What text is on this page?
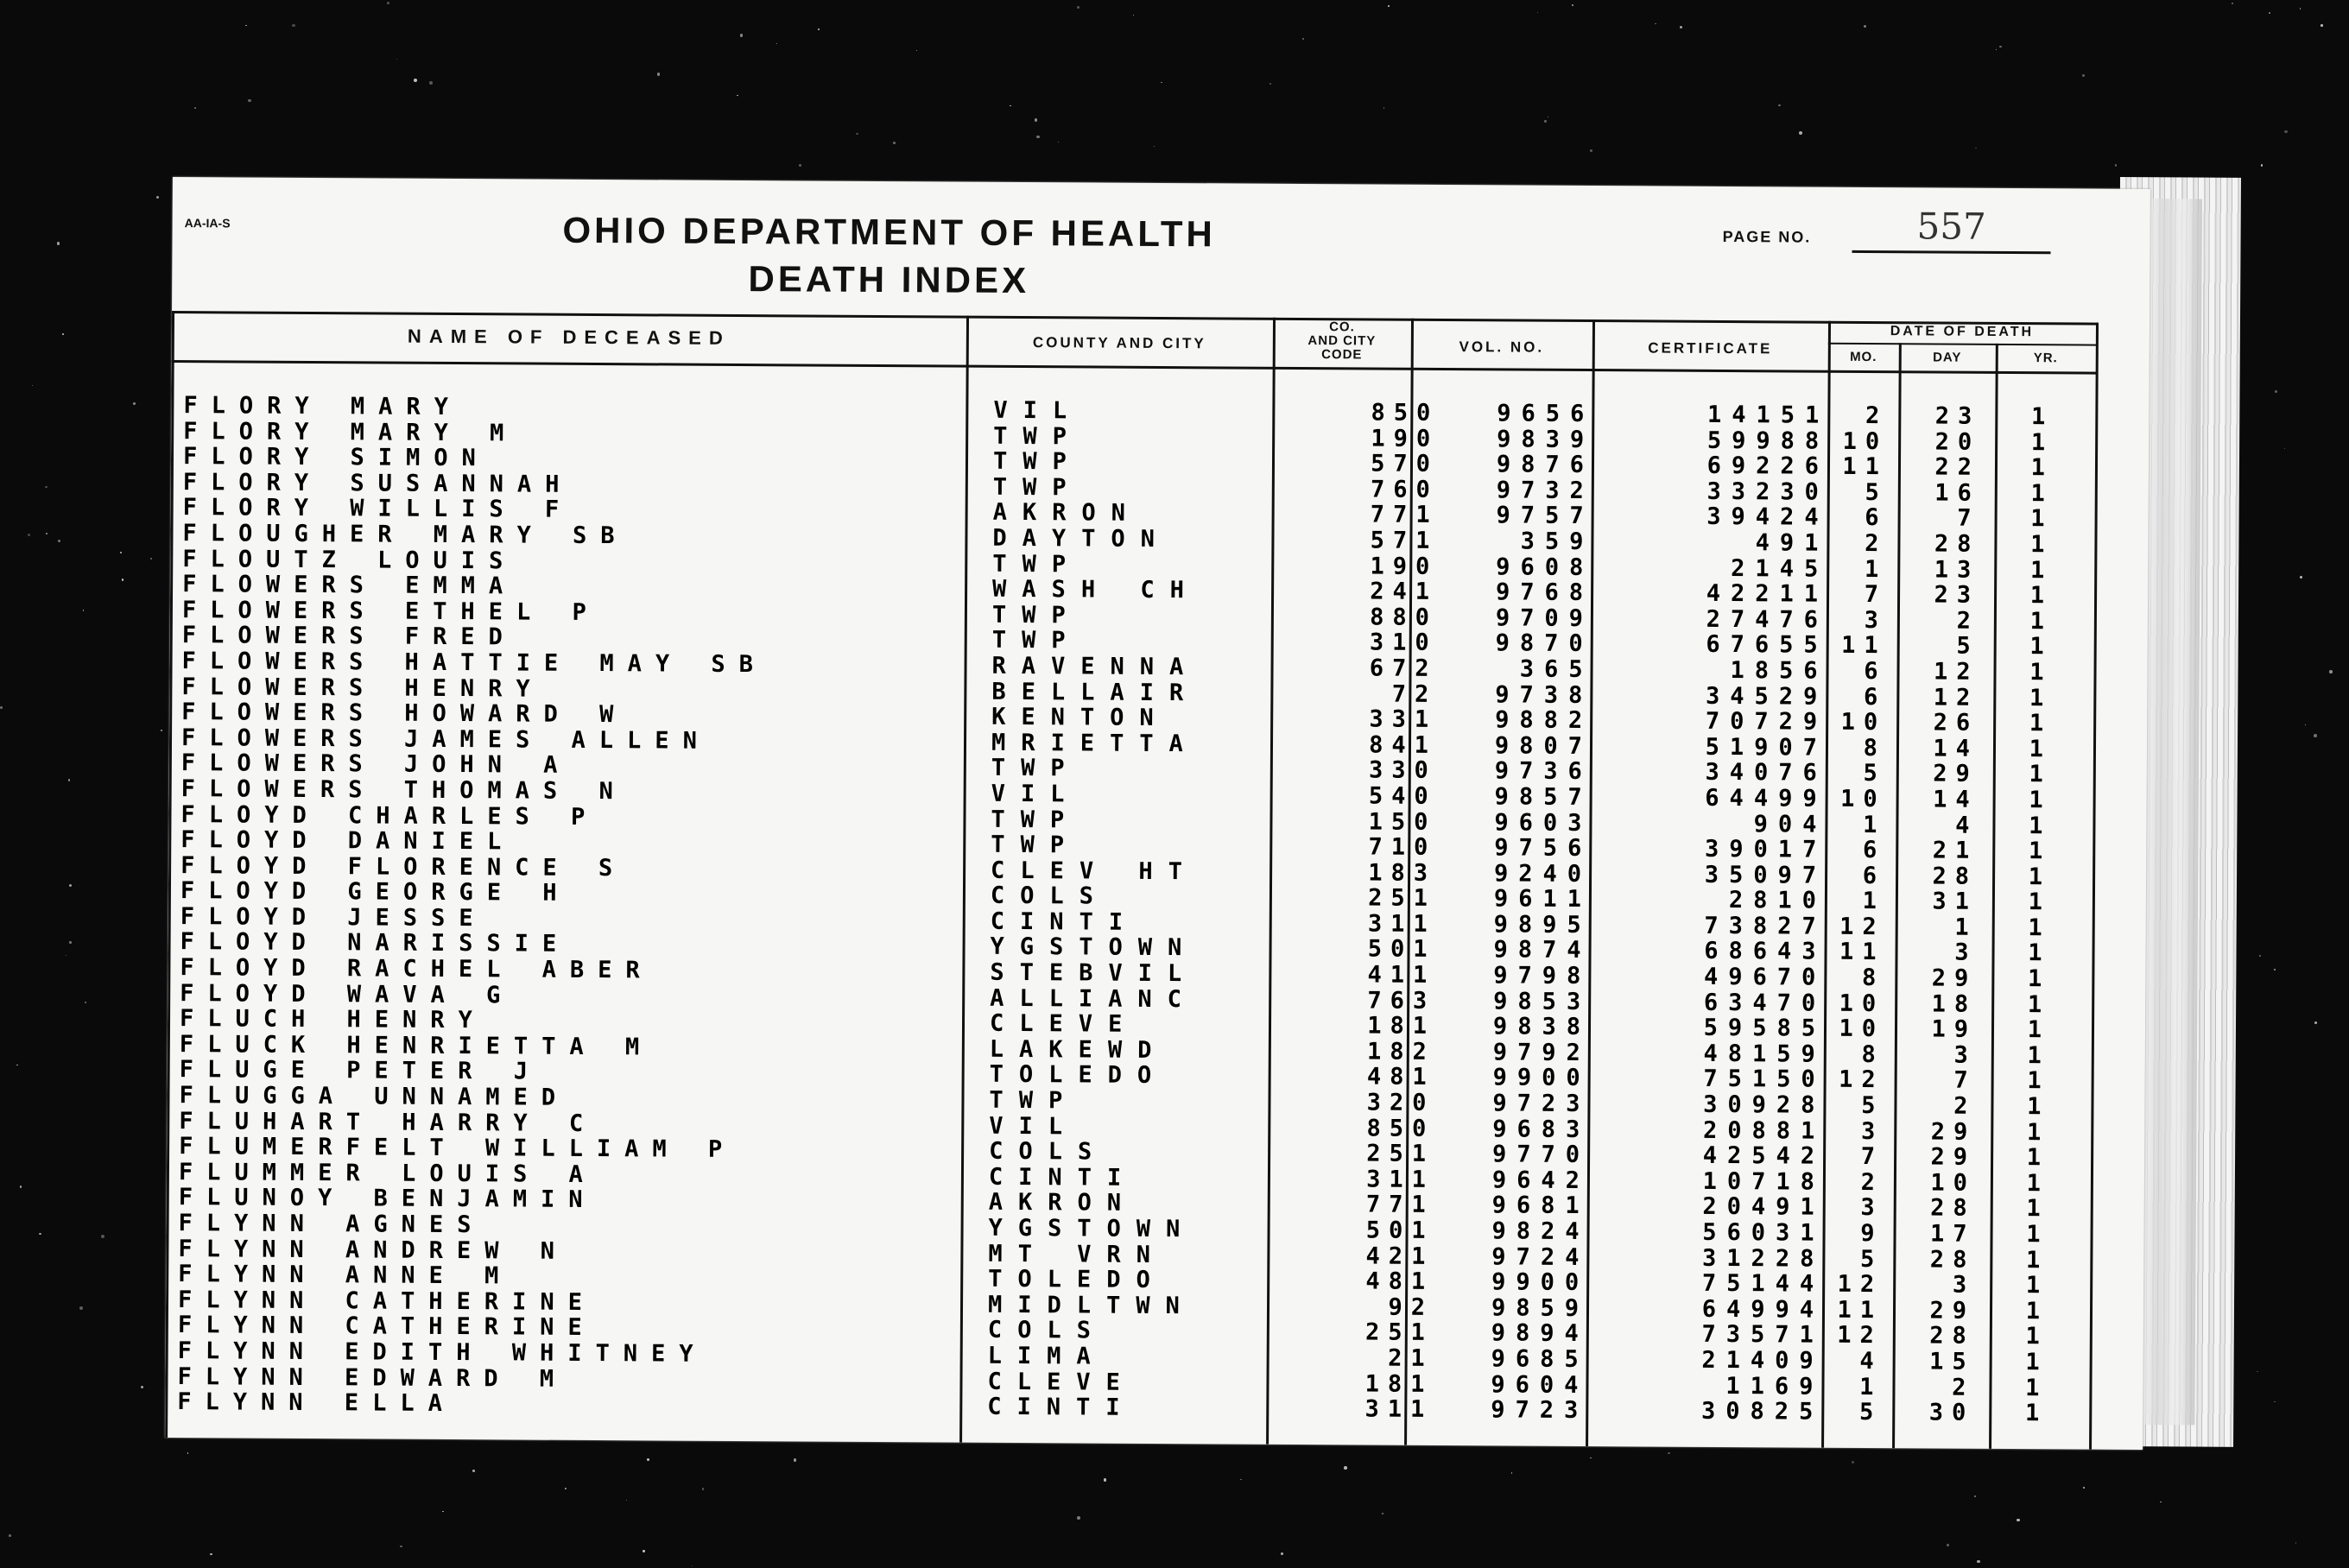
AA-IA-S	OHIO DEPARTMENT OF HEALTH
DEATH INDEX
PAGE NO.	557
NAME OF DECEASED	COUNTY AND CITY
CO.
AND CITY
CODE	VOL. NO.	CERTIFICATE
DATE OF DEATH
MO.	DAY	YR.
FLORY MARY	VIL	850	9656	14151	2	23	1
FLORY MARY M	TWP	190	9839	59988 10	20	1
FLORY SIMON	TWP	570	9876	69226 11	22	1
FLORY SUSANNAH	TWP	760	9732	33230	5	16	1
FLORY WILLIS F	AKRON	771	9757	39424	6	7	1
FLOUGHER MARY SB	DAYTON	571	359	491	2	28	1
FLOUTZ LOUIS	TWP	190	9608	2145	1	13	1
FLOWERS EMMA	WASH CH	241	9768	42211	7	23	1
FLOWERS ETHEL P	TWP	880	9709	27476	3	2	1
FLOWERS FRED	TWP	310	9870	67655 11	5	1
FLOWERS HATTIE MAY SB	RAVENNA	672	365	1856	6	12	1
FLOWERS HENRY	BELLAIR	72	9738	34529	6	12	1
FLOWERS HOWARD W	KENTON	331	9882	70729 10	26	1
FLOWERS JAMES ALLEN	MRIETTA	841	9807	51907	8	14	1
FLOWERS JOHN A	TWP	330	9736	34076	5	29	1
FLOWERS THOMAS N	VIL	540	9857	64499 10	14	1
FLOYD CHARLES P	TWP	150	9603	904	1	4	1
FLOYD DANIEL	TWP	710	9756	39017	6	21	1
FLOYD FLORENCE S	CLEV HT	183	9240	35097	6	28	1
FLOYD GEORGE H	COLS	251	9611	2810	1	31	1
FLOYD JESSE	CINTI	311	9895	73827 12	1	1
FLOYD NARISSIE	YGSTOWN	501	9874	68643 11	3	1
FLOYD RACHEL ABER	STEBVIL	411	9798	49670	8	29	1
FLOYD WAVA G	ALLIANC	763	9853	63470 10	18	1
FLUCH HENRY	CLEVE	181	9838	59585 10	19	1
FLUCK HENRIETTA M	LAKEWD	182	9792	48159	8	3	1
FLUGE PETER J	TOLEDO	481	9900	75150 12	7	1
FLUGGA UNNAMED	TWP	320	9723	30928	5	2	1
FLUHART HARRY C	VIL	850	9683	20881	3	29	1
FLUMERFELT WILLIAM P	COLS	251	9770	42542	7	29	1
FLUMMER LOUIS A	CINTI	311	9642	10718	2	10	1
FLUNOY BENJAMIN	AKRON	771	9681	20491	3	28	1
FLYNN AGNES	YGSTOWN	501	9824	56031	9	17	1
FLYNN ANDREW N	MT VRN	421	9724	31228	5	28	1
FLYNN ANNE M	TOLEDO	481	9900	75144 12	3	1
FLYNN CATHERINE	MIDLTWN	92	9859	64994 11	29	1
FLYNN CATHERINE	COLS	251	9894	73571 12	28	1
FLYNN EDITH WHITNEY	LIMA	21	9685	21409	4	15	1
FLYNN EDWARD M	CLEVE	181	9604	1169	1	2	1
FLYNN ELLA	CINTI	311	9723	30825	5	30	1
